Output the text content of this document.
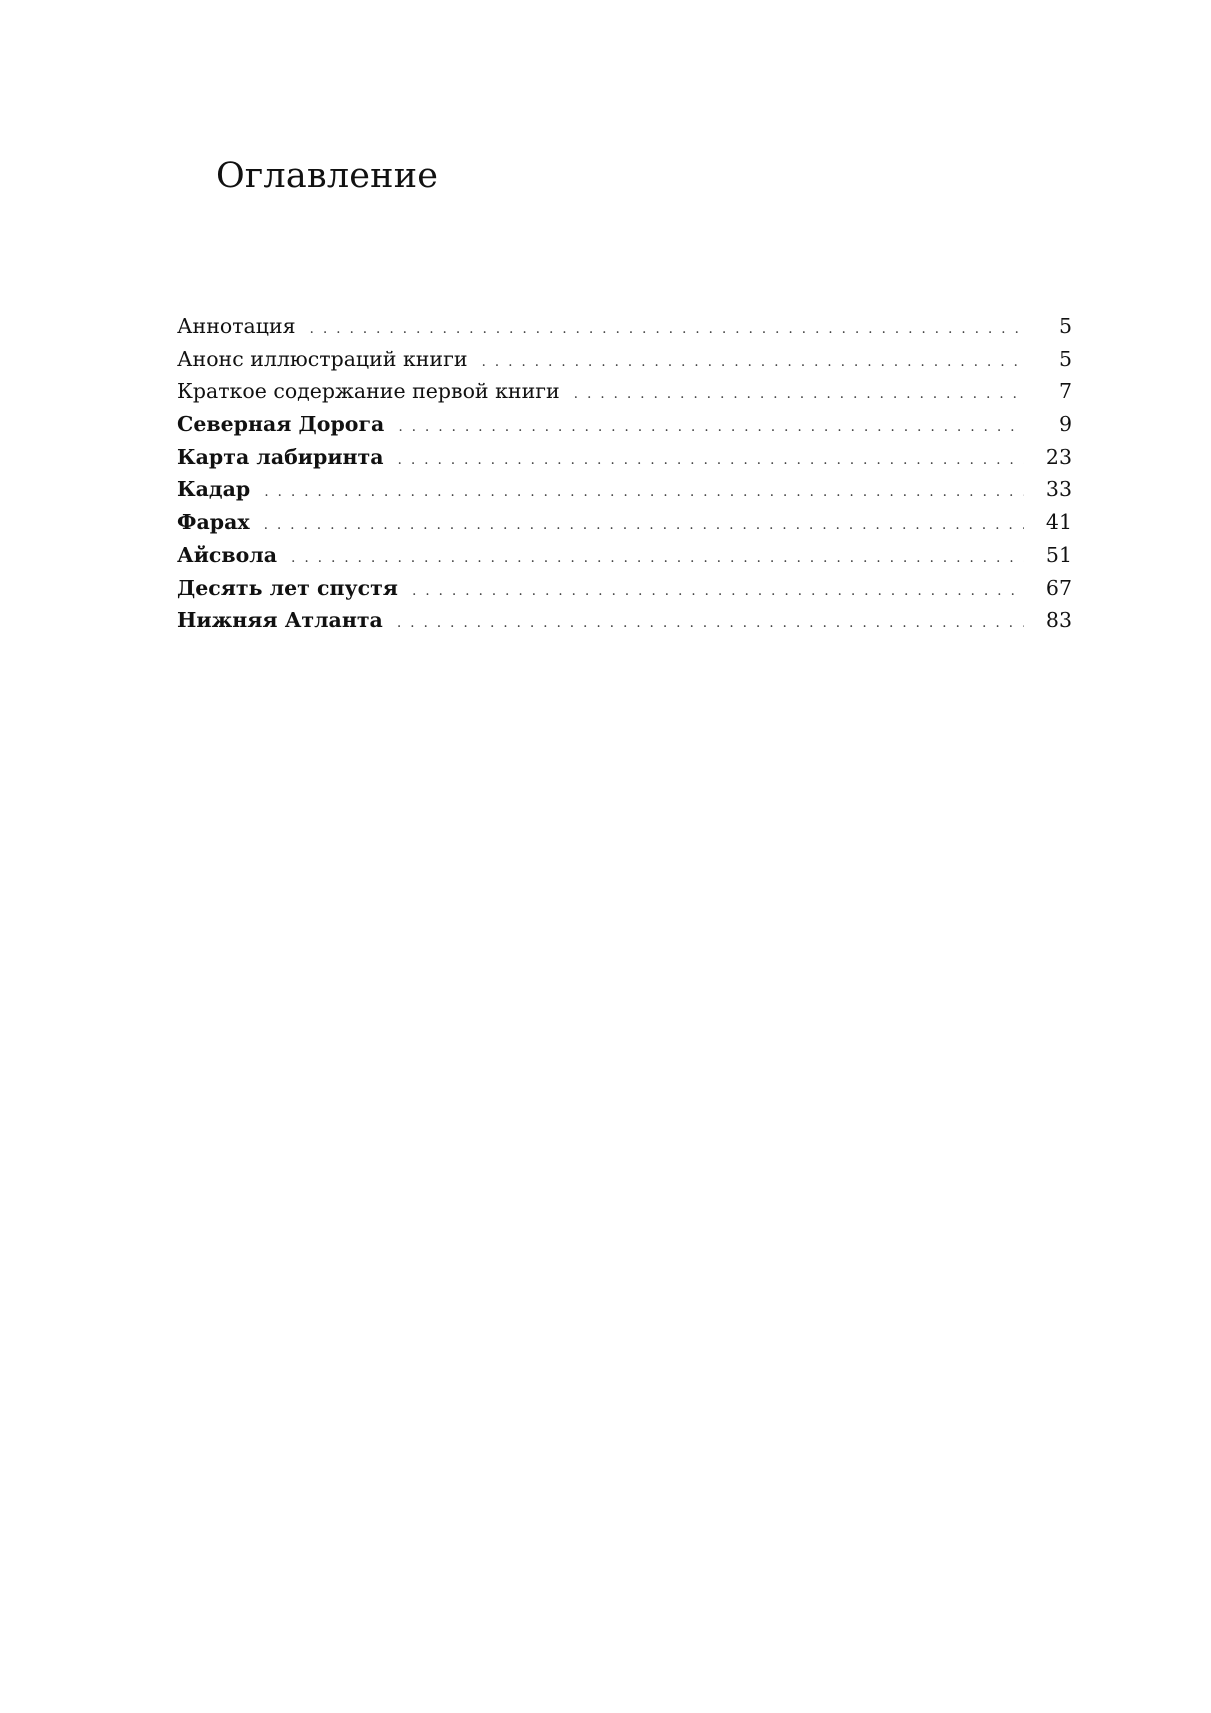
Оглавление
Аннотация . . .	5
Анонс иллюстраций книги . . .	5
Краткое содержание первой книги . . .	7
Северная Дорога . . .	9
Карта лабиринта . . .	23
Кадар . . .	33
Фарах . . .	41
Айсвола . . .	51
Десять лет спустя . . .	67
Нижняя Атланта . . .	83
